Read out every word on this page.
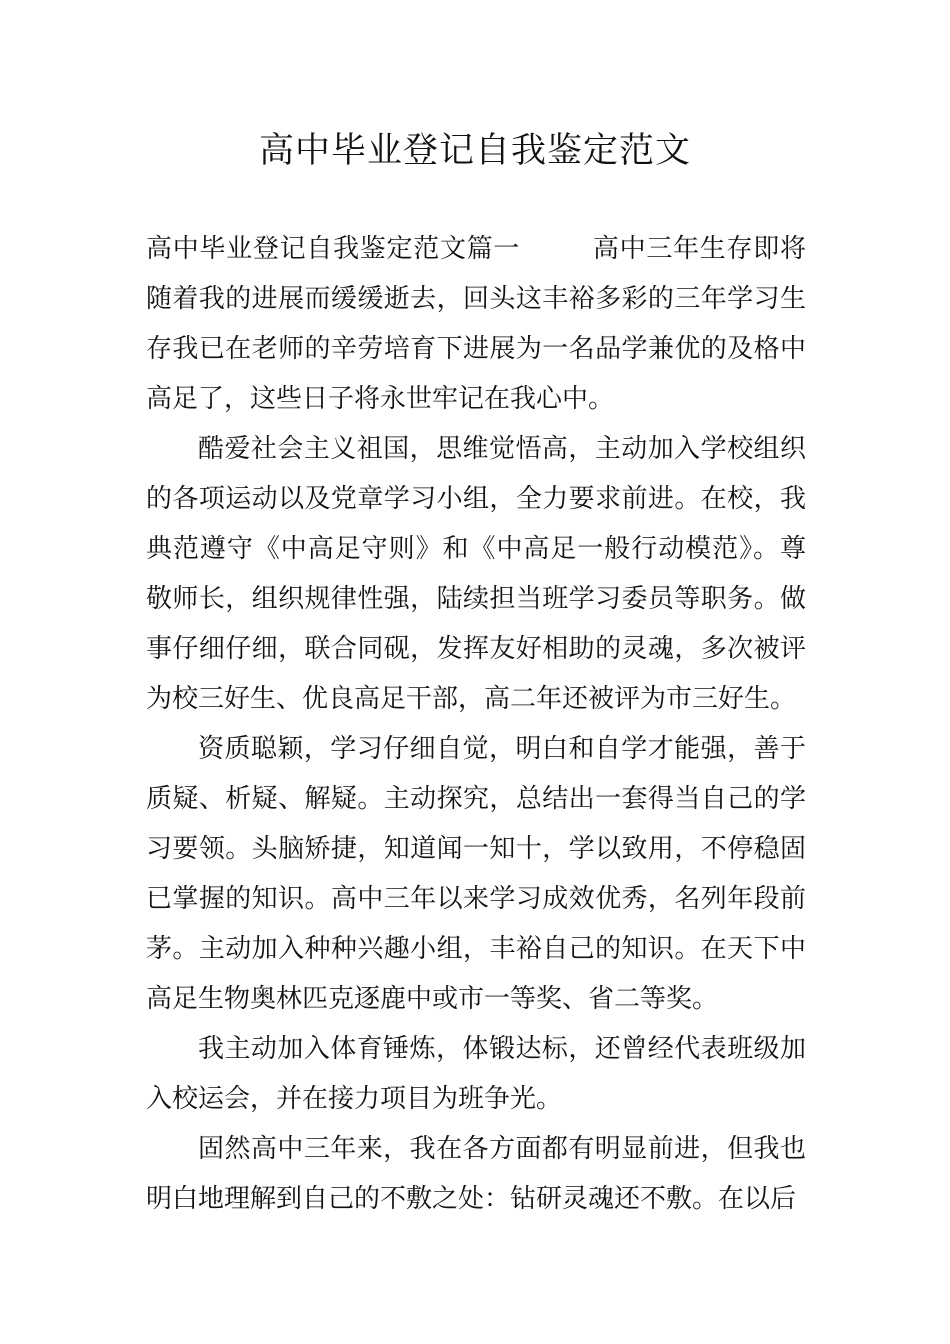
高中毕业登记自我鉴定范文

高中毕业登记自我鉴定范文篇一	高中三年生存即将随着我的进展而缓缓逝去，回头这丰裕多彩的三年学习生存我已在老师的辛劳培育下进展为一名品学兼优的及格中高足了，这些日子将永世牢记在我心中。

酷爱社会主义祖国，思维觉悟高，主动加入学校组织的各项运动以及党章学习小组，全力要求前进。在校，我典范遵守《中高足守则》和《中高足一般行动模范》。尊敬师长，组织规律性强，陆续担当班学习委员等职务。做事仔细仔细，联合同砚，发挥友好相助的灵魂，多次被评为校三好生、优良高足干部，高二年还被评为市三好生。

资质聪颖，学习仔细自觉，明白和自学才能强，善于质疑、析疑、解疑。主动探究，总结出一套得当自己的学习要领。头脑矫捷，知道闻一知十，学以致用，不停稳固已掌握的知识。高中三年以来学习成效优秀，名列年段前茅。主动加入种种兴趣小组，丰裕自己的知识。在天下中高足生物奥林匹克逐鹿中或市一等奖、省二等奖。

我主动加入体育锤炼，体锻达标，还曾经代表班级加入校运会，并在接力项目为班争光。

固然高中三年来，我在各方面都有明显前进，但我也明白地理解到自己的不敷之处：钻研灵魂还不敷。在以后
